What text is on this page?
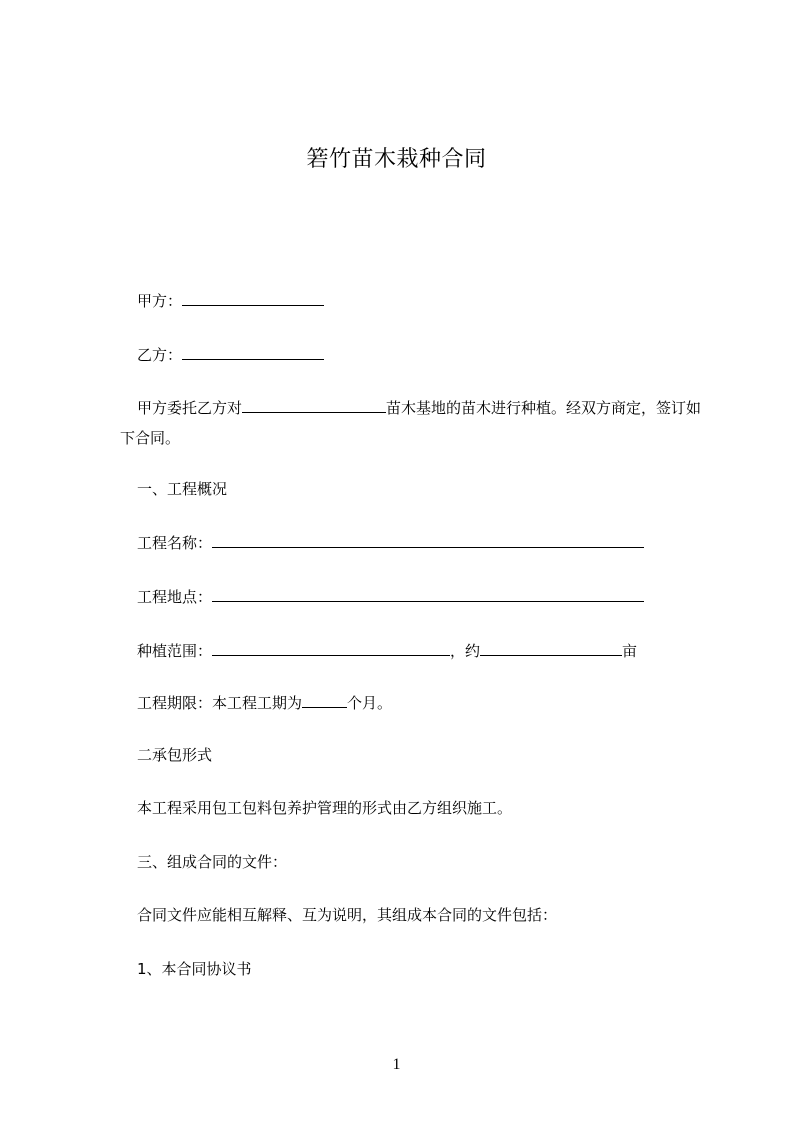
箬竹苗木栽种合同
甲方：
乙方：
甲方委托乙方对	苗木基地的苗木进行种植。经双方商定，签订如下合同。
一、工程概况
工程名称：
工程地点：
种植范围：	，约	亩
工程期限：本工程工期为	个月。
二承包形式
本工程采用包工包料包养护管理的形式由乙方组织施工。
三、组成合同的文件：
合同文件应能相互解释、互为说明，其组成本合同的文件包括：
1、本合同协议书
1
